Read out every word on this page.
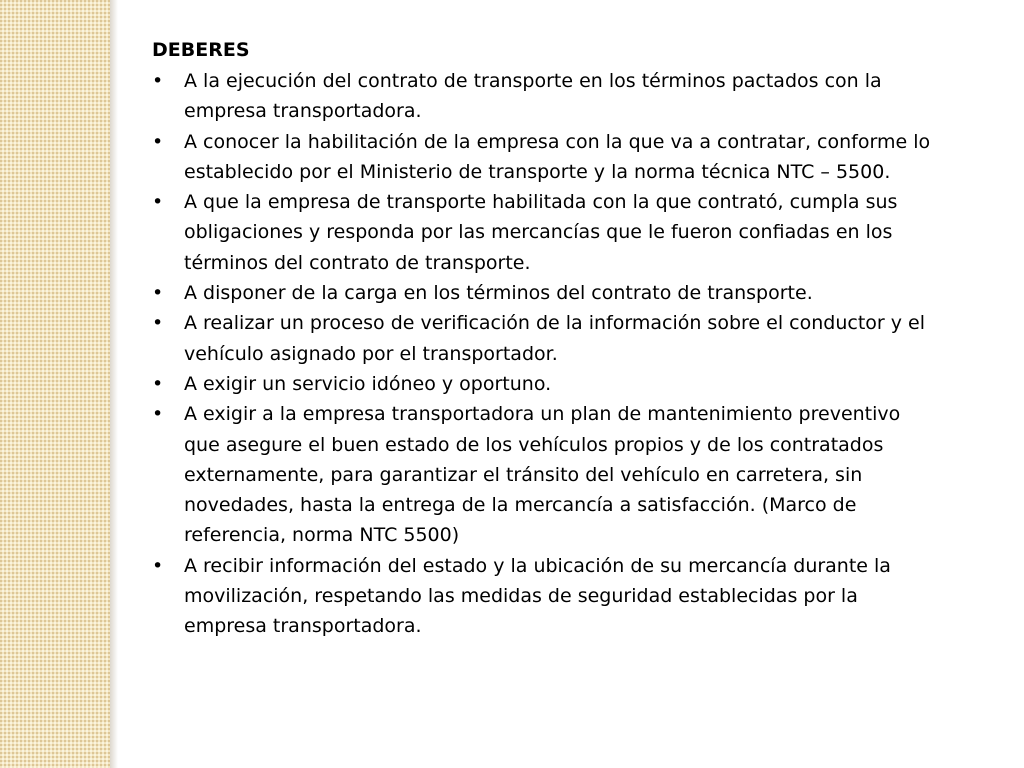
DEBERES
• A la ejecución del contrato de transporte en los términos pactados con la empresa transportadora.
• A conocer la habilitación de la empresa con la que va a contratar, conforme lo establecido por el Ministerio de transporte y la norma técnica NTC – 5500.
• A que la empresa de transporte habilitada con la que contrató, cumpla sus obligaciones y responda por las mercancías que le fueron confiadas en los términos del contrato de transporte.
• A disponer de la carga en los términos del contrato de transporte.
• A realizar un proceso de verificación de la información sobre el conductor y el vehículo asignado por el transportador.
• A exigir un servicio idóneo y oportuno.
• A exigir a la empresa transportadora un plan de mantenimiento preventivo que asegure el buen estado de los vehículos propios y de los contratados externamente, para garantizar el tránsito del vehículo en carretera, sin novedades, hasta la entrega de la mercancía a satisfacción. (Marco de referencia, norma NTC 5500)
• A recibir información del estado y la ubicación de su mercancía durante la movilización, respetando las medidas de seguridad establecidas por la empresa transportadora.
